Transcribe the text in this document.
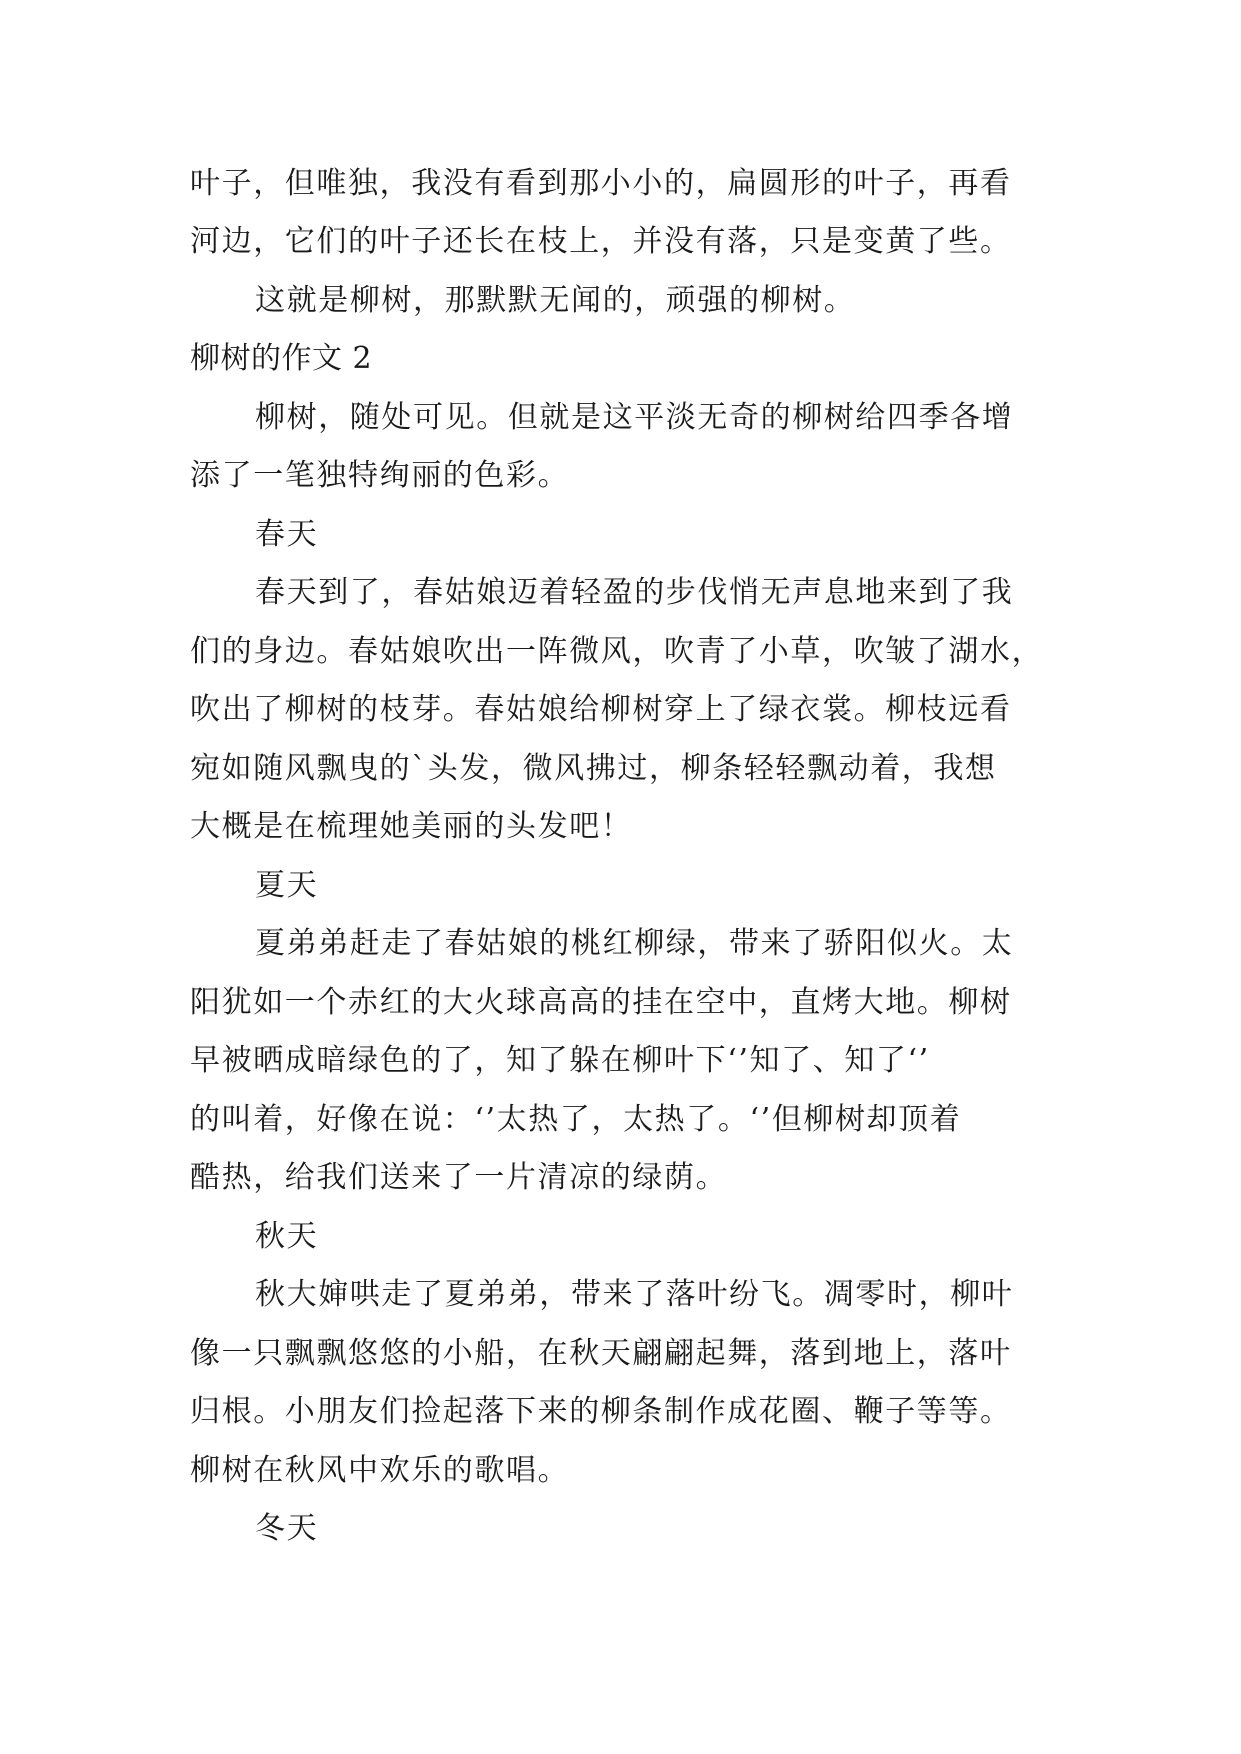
叶子，但唯独，我没有看到那小小的，扁圆形的叶子，再看
河边，它们的叶子还长在枝上，并没有落，只是变黄了些。
这就是柳树，那默默无闻的，顽强的柳树。
柳树的作文 2
柳树，随处可见。但就是这平淡无奇的柳树给四季各增
添了一笔独特绚丽的色彩。
春天
春天到了，春姑娘迈着轻盈的步伐悄无声息地来到了我
们的身边。春姑娘吹出一阵微风，吹青了小草，吹皱了湖水，
吹出了柳树的枝芽。春姑娘给柳树穿上了绿衣裳。柳枝远看
宛如随风飘曳的`头发，微风拂过，柳条轻轻飘动着，我想
大概是在梳理她美丽的头发吧！
夏天
夏弟弟赶走了春姑娘的桃红柳绿，带来了骄阳似火。太
阳犹如一个赤红的大火球高高的挂在空中，直烤大地。柳树
早被晒成暗绿色的了，知了躲在柳叶下‘’知了、知了‘’
的叫着，好像在说：‘’太热了，太热了。‘’但柳树却顶着
酷热，给我们送来了一片清凉的绿荫。
秋天
秋大婶哄走了夏弟弟，带来了落叶纷飞。凋零时，柳叶
像一只飘飘悠悠的小船，在秋天翩翩起舞，落到地上，落叶
归根。小朋友们捡起落下来的柳条制作成花圈、鞭子等等。
柳树在秋风中欢乐的歌唱。
冬天
